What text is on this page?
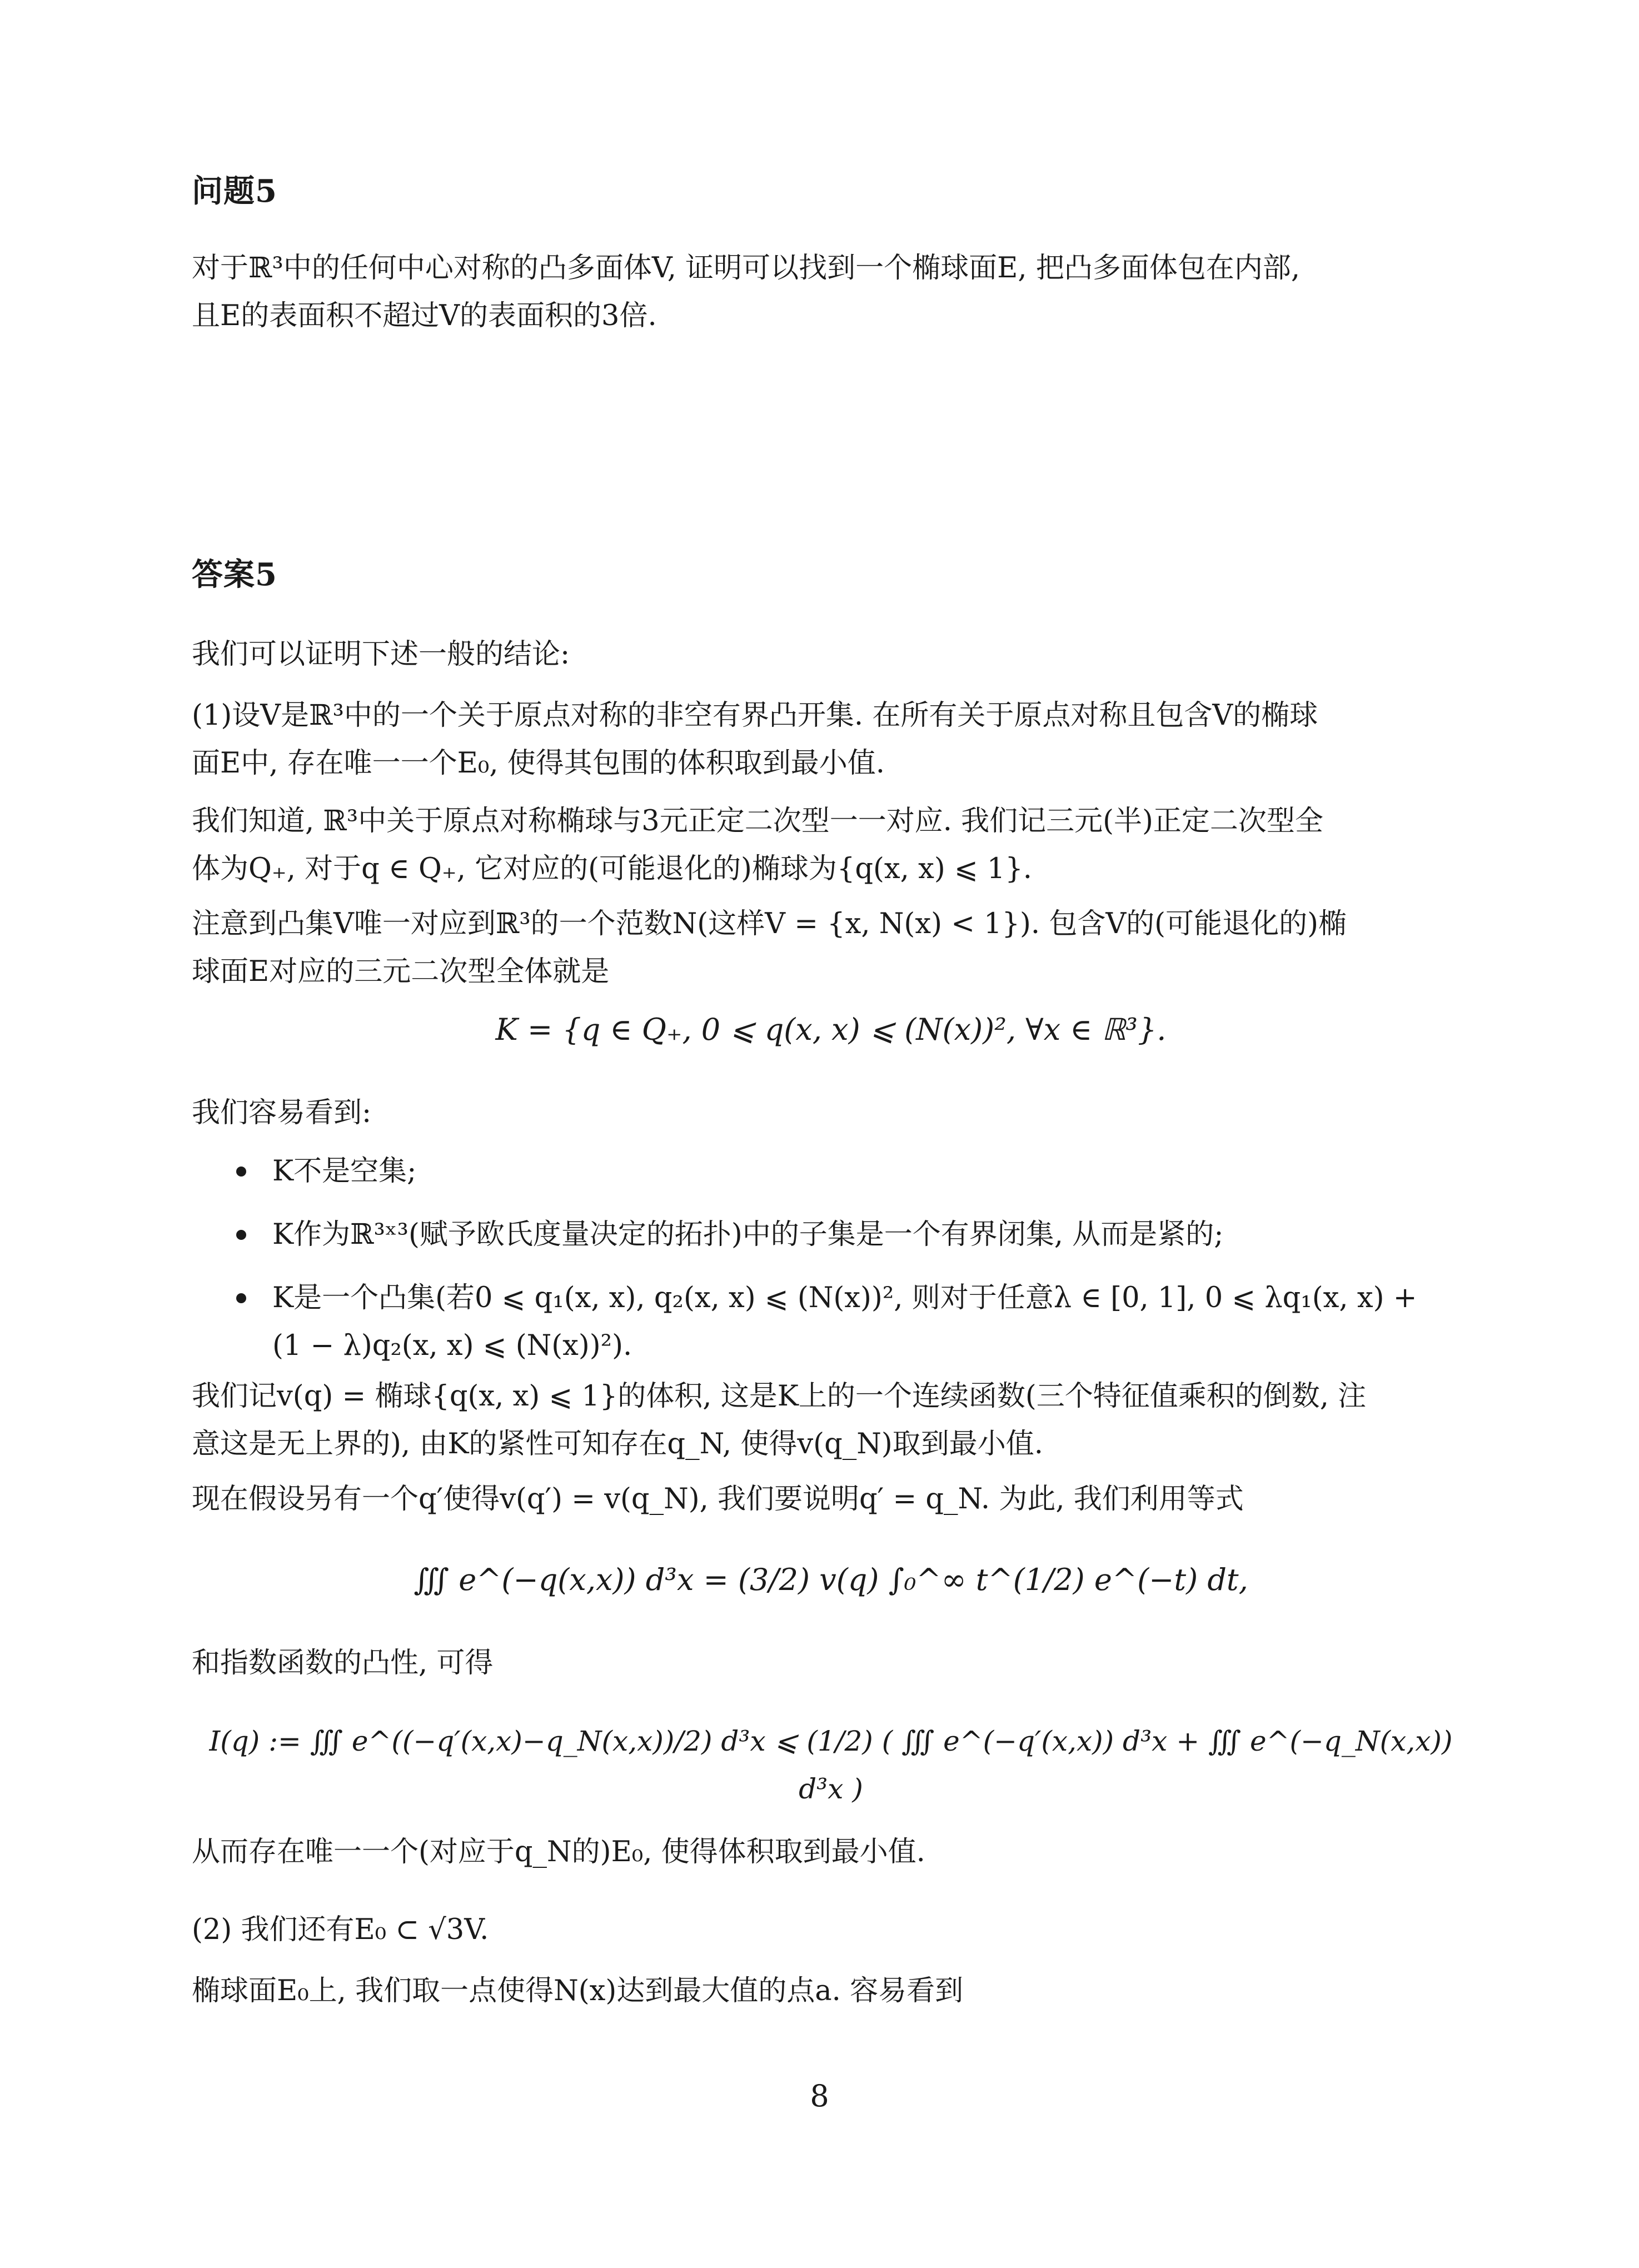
问题5
对于ℝ³中的任何中心对称的凸多面体V, 证明可以找到一个椭球面E, 把凸多面体包在内部,
且E的表面积不超过V的表面积的3倍.
答案5
我们可以证明下述一般的结论:
(1)设V是ℝ³中的一个关于原点对称的非空有界凸开集. 在所有关于原点对称且包含V的椭球
面E中, 存在唯一一个E₀, 使得其包围的体积取到最小值.
我们知道, ℝ³中关于原点对称椭球与3元正定二次型一一对应. 我们记三元(半)正定二次型全
体为Q₊, 对于q ∈ Q₊, 它对应的(可能退化的)椭球为{q(x, x) ⩽ 1}.
注意到凸集V唯一对应到ℝ³的一个范数N(这样V = {x, N(x) < 1}). 包含V的(可能退化的)椭
球面E对应的三元二次型全体就是
K = {q ∈ Q₊, 0 ⩽ q(x, x) ⩽ (N(x))², ∀x ∈ ℝ³}.
我们容易看到:
K不是空集;
K作为ℝ³ˣ³(赋予欧氏度量决定的拓扑)中的子集是一个有界闭集, 从而是紧的;
K是一个凸集(若0 ⩽ q₁(x, x), q₂(x, x) ⩽ (N(x))², 则对于任意λ ∈ [0, 1], 0 ⩽ λq₁(x, x) +
(1 − λ)q₂(x, x) ⩽ (N(x))²).
我们记v(q) = 椭球{q(x, x) ⩽ 1}的体积, 这是K上的一个连续函数(三个特征值乘积的倒数, 注
意这是无上界的), 由K的紧性可知存在q_N, 使得v(q_N)取到最小值.
现在假设另有一个q′使得v(q′) = v(q_N), 我们要说明q′ = q_N. 为此, 我们利用等式
∭ e^(−q(x,x)) d³x = (3/2) v(q) ∫₀^∞ t^(1/2) e^(−t) dt,
和指数函数的凸性, 可得
I(q) := ∭ e^((−q′(x,x)−q_N(x,x))/2) d³x ⩽ (1/2) ( ∭ e^(−q′(x,x)) d³x + ∭ e^(−q_N(x,x)) d³x )
从而存在唯一一个(对应于q_N的)E₀, 使得体积取到最小值.
(2) 我们还有E₀ ⊂ √3V.
椭球面E₀上, 我们取一点使得N(x)达到最大值的点a. 容易看到
8
